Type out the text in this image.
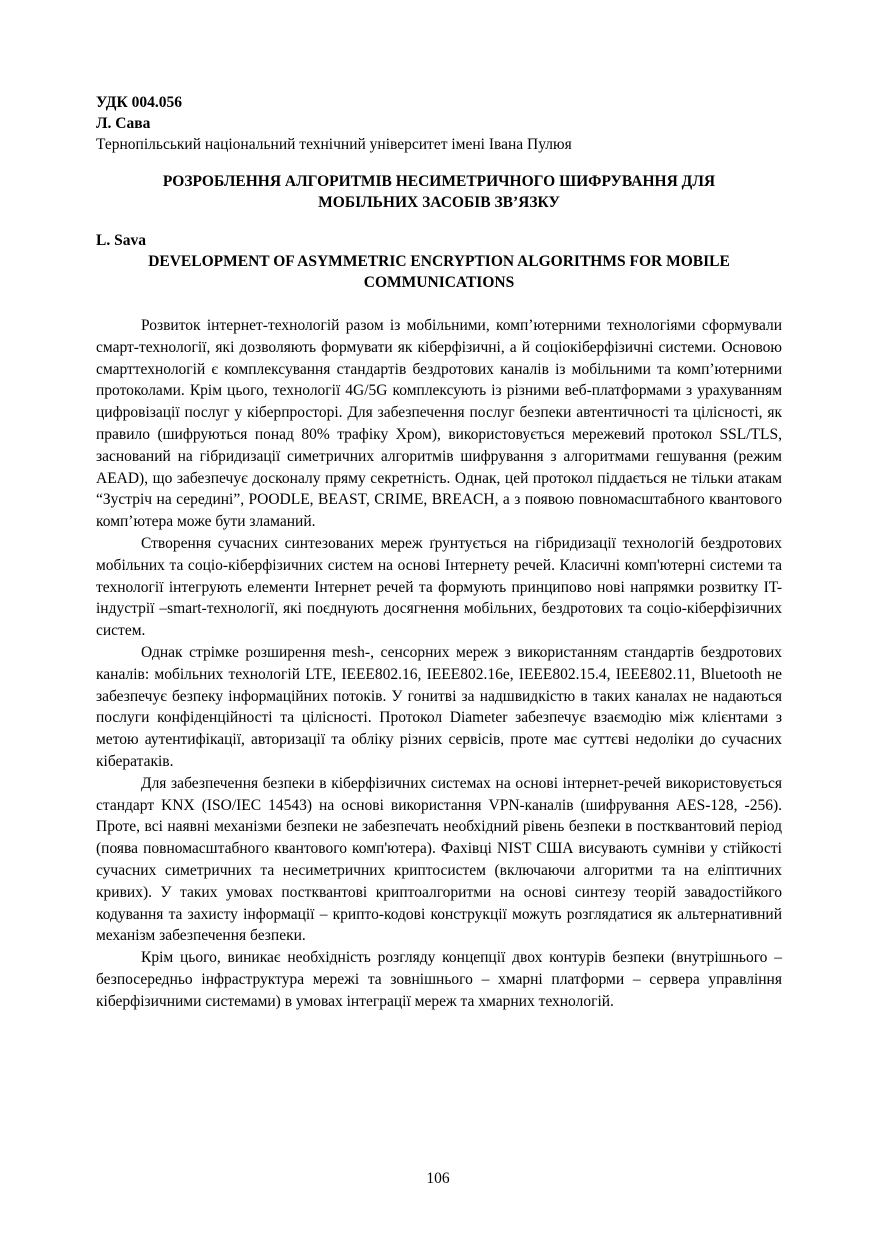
УДК 004.056

Л. Сава

Тернопільський національний технічний університет імені Івана Пулюя

РОЗРОБЛЕННЯ АЛГОРИТМІВ НЕСИМЕТРИЧНОГО ШИФРУВАННЯ ДЛЯ
МОБІЛЬНИХ ЗАСОБІВ ЗВ’ЯЗКУ

L. Sava

DEVELOPMENT OF ASYMMETRIC ENCRYPTION ALGORITHMS FOR MOBILE
COMMUNICATIONS

Розвиток інтернет-технологій разом із мобільними, комп’ютерними технологіями сформували смарт-технології, які дозволяють формувати як кіберфізичні, а й соціокіберфізичні системи. Основою смарттехнологій є комплексування стандартів бездротових каналів із мобільними та комп’ютерними протоколами. Крім цього, технології 4G/5G комплексують із різними веб-платформами з урахуванням цифровізації послуг у кіберпросторі. Для забезпечення послуг безпеки автентичності та цілісності, як правило (шифруються понад 80% трафіку Хром), використовується мережевий протокол SSL/TLS, заснований на гібридизації симетричних алгоритмів шифрування з алгоритмами гешування (режим AEAD), що забезпечує досконалу пряму секретність. Однак, цей протокол піддається не тільки атакам “Зустріч на середині”, POODLE, BEAST, CRIME, BREACH, а з появою повномасштабного квантового комп’ютера може бути зламаний.

Створення сучасних синтезованих мереж ґрунтується на гібридизації технологій бездротових мобільних та соціо-кіберфізичних систем на основі Інтернету речей. Класичні комп'ютерні системи та технології інтегрують елементи Інтернет речей та формують принципово нові напрямки розвитку IT-індустрії –smart-технології, які поєднують досягнення мобільних, бездротових та соціо-кіберфізичних систем.

Однак стрімке розширення mesh-, сенсорних мереж з використанням стандартів бездротових каналів: мобільних технологій LTE, IEEE802.16, IEEE802.16e, IEEE802.15.4, IEEE802.11, Bluetooth не забезпечує безпеку інформаційних потоків. У гонитві за надшвидкістю в таких каналах не надаються послуги конфіденційності та цілісності. Протокол Diameter забезпечує взаємодію між клієнтами з метою аутентифікації, авторизації та обліку різних сервісів, проте має суттєві недоліки до сучасних кібератаків.

Для забезпечення безпеки в кіберфізичних системах на основі інтернет-речей використовується стандарт KNX (ISO/IEC 14543) на основі використання VPN-каналів (шифрування AES-128, -256). Проте, всі наявні механізми безпеки не забезпечать необхідний рівень безпеки в постквантовий період (поява повномасштабного квантового комп'ютера). Фахівці NIST США висувають сумніви у стійкості сучасних симетричних та несиметричних криптосистем (включаючи алгоритми та на еліптичних кривих). У таких умовах постквантові криптоалгоритми на основі синтезу теорій завадостійкого кодування та захисту інформації – крипто-кодові конструкції можуть розглядатися як альтернативний механізм забезпечення безпеки.

Крім цього, виникає необхідність розгляду концепції двох контурів безпеки (внутрішнього – безпосередньо інфраструктура мережі та зовнішнього – хмарні платформи – сервера управління кіберфізичними системами) в умовах інтеграції мереж та хмарних технологій.

106
